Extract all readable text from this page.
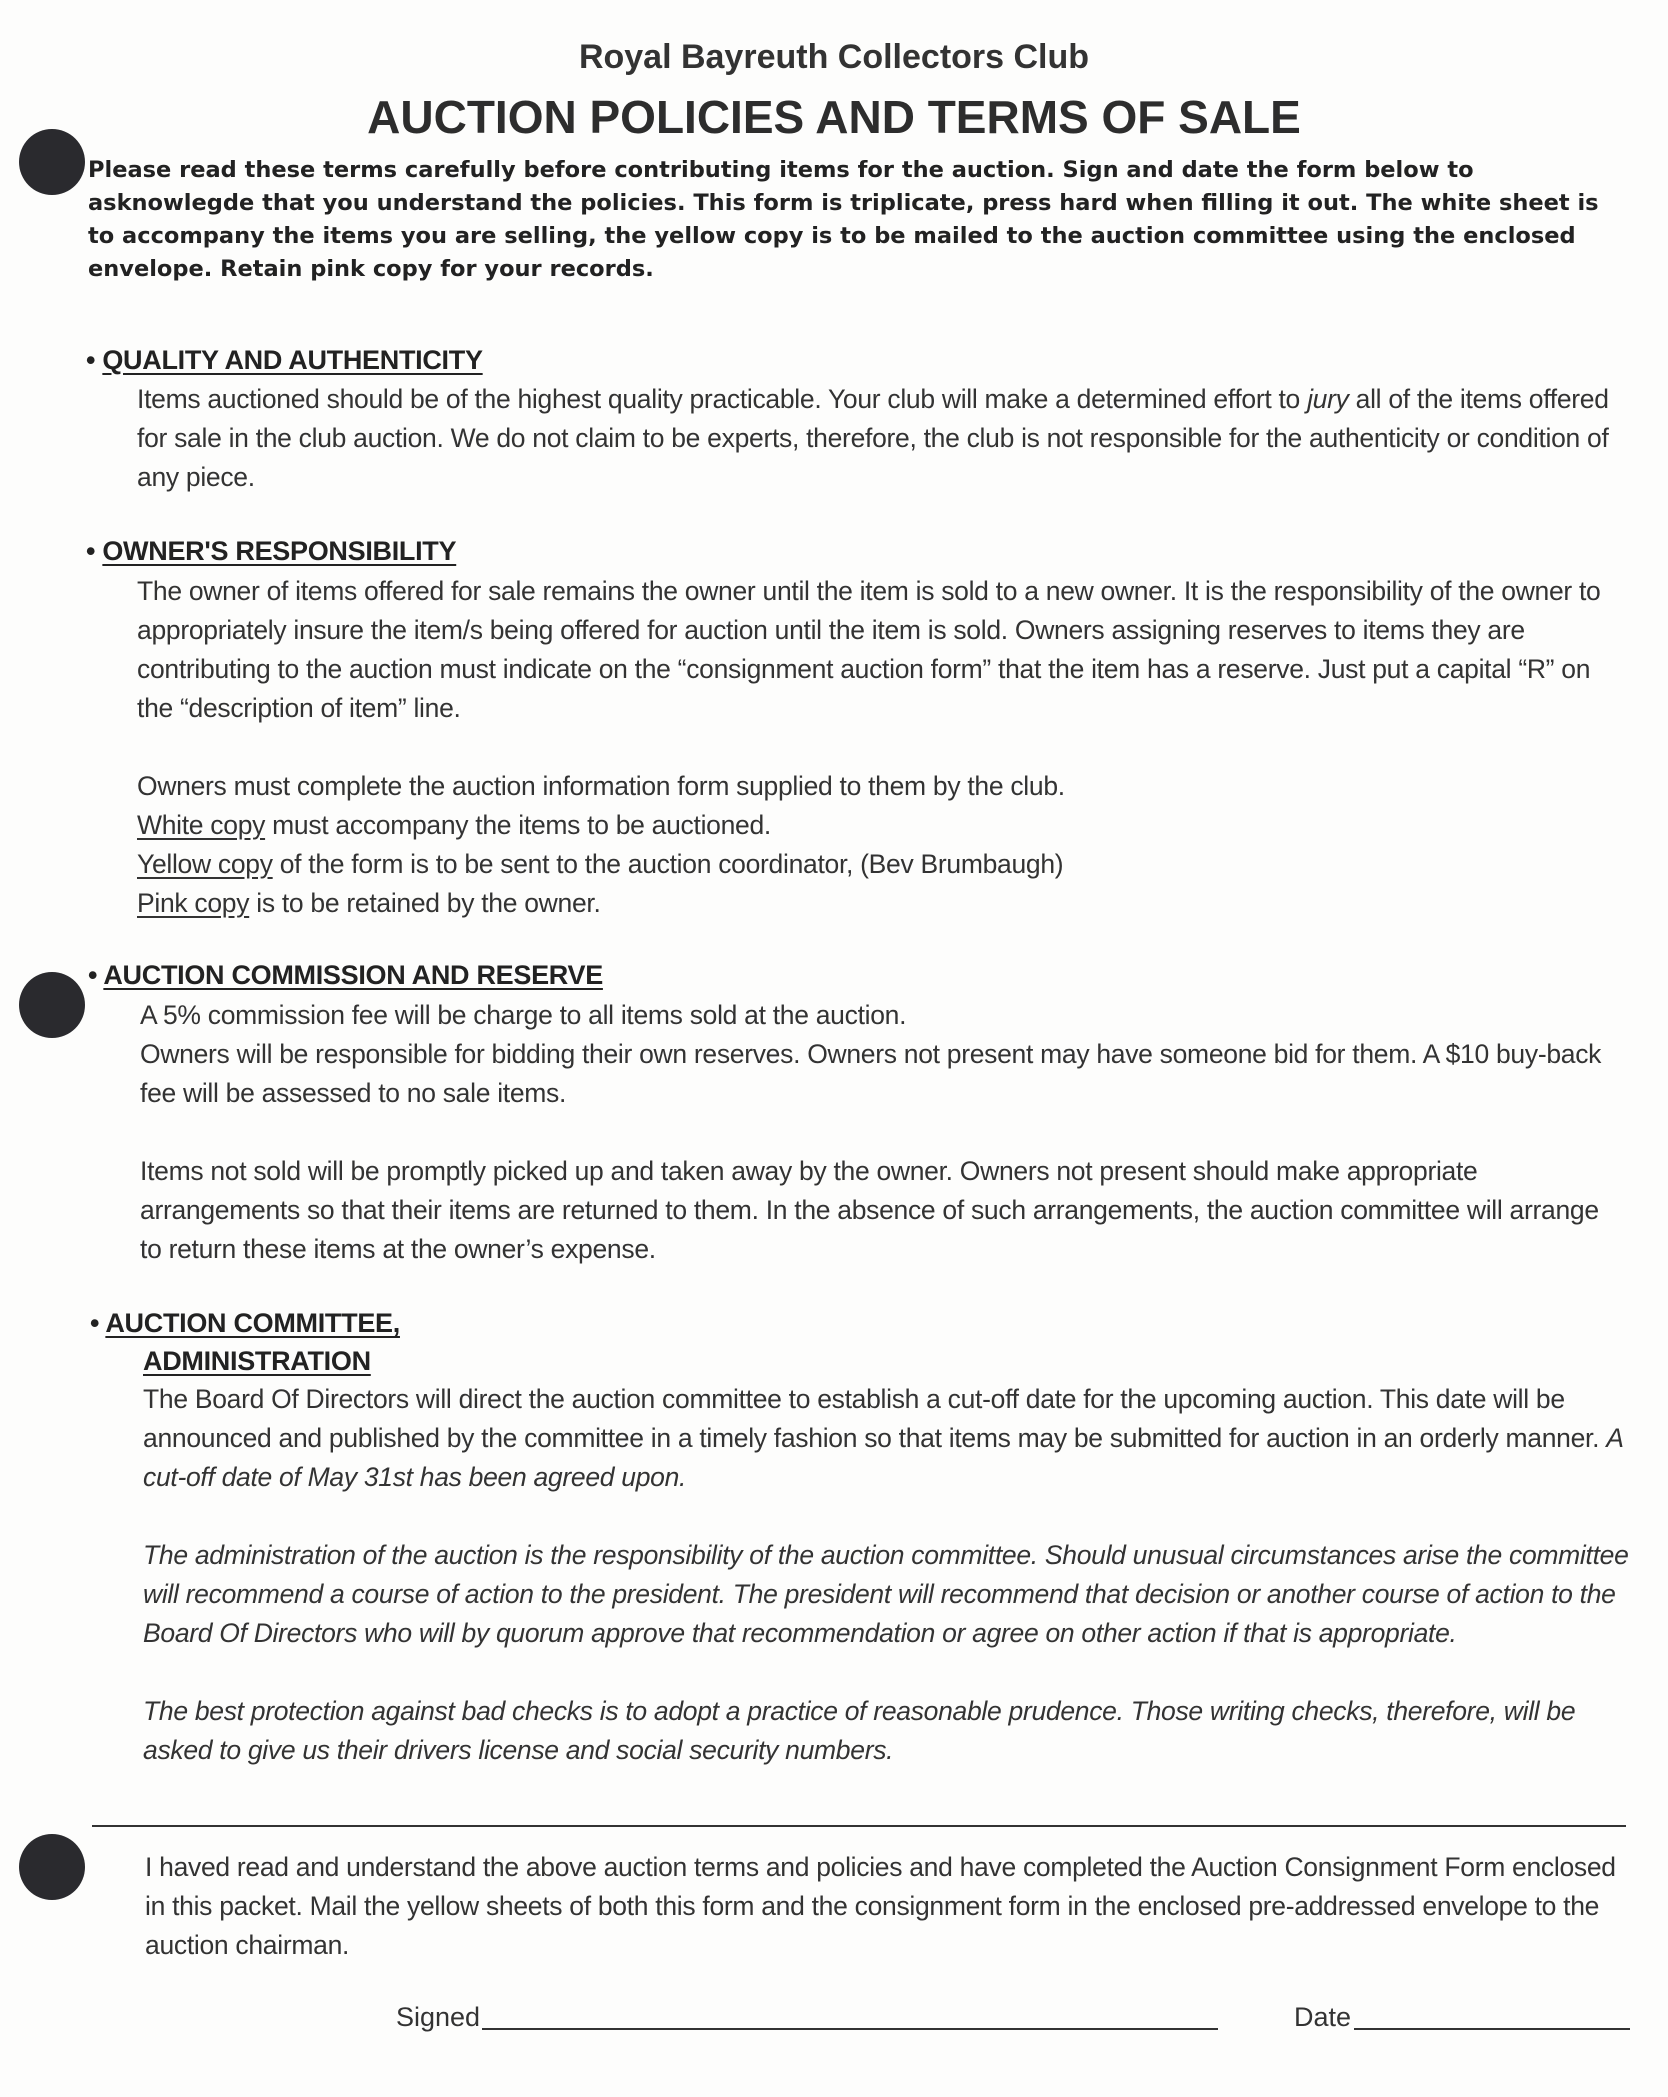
Royal Bayreuth Collectors Club
AUCTION POLICIES AND TERMS OF SALE
Please read these terms carefully before contributing items for the auction. Sign and date the form below to asknowlegde that you understand the policies. This form is triplicate, press hard when filling it out. The white sheet is to accompany the items you are selling, the yellow copy is to be mailed to the auction committee using the enclosed envelope. Retain pink copy for your records.
• QUALITY AND AUTHENTICITY

Items auctioned should be of the highest quality practicable. Your club will make a determined effort to jury all of the items offered for sale in the club auction. We do not claim to be experts, therefore, the club is not responsible for the authenticity or condition of any piece.

• OWNER'S RESPONSIBILITY

The owner of items offered for sale remains the owner until the item is sold to a new owner. It is the responsibility of the owner to appropriately insure the item/s being offered for auction until the item is sold. Owners assigning reserves to items they are contributing to the auction must indicate on the “consignment auction form” that the item has a reserve. Just put a capital “R” on the “description of item” line.

Owners must complete the auction information form supplied to them by the club.

White copy must accompany the items to be auctioned.

Yellow copy of the form is to be sent to the auction coordinator, (Bev Brumbaugh)

Pink copy is to be retained by the owner.

• AUCTION COMMISSION AND RESERVE

A 5% commission fee will be charge to all items sold at the auction.

Owners will be responsible for bidding their own reserves. Owners not present may have someone bid for them. A $10 buy-back fee will be assessed to no sale items.

Items not sold will be promptly picked up and taken away by the owner. Owners not present should make appropriate arrangements so that their items are returned to them. In the absence of such arrangements, the auction committee will arrange to return these items at the owner’s expense.

• AUCTION COMMITTEE,
ADMINISTRATION

The Board Of Directors will direct the auction committee to establish a cut-off date for the upcoming auction. This date will be announced and published by the committee in a timely fashion so that items may be submitted for auction in an orderly manner. A cut-off date of May 31st has been agreed upon.

The administration of the auction is the responsibility of the auction committee. Should unusual circumstances arise the committee will recommend a course of action to the president. The president will recommend that decision or another course of action to the Board Of Directors who will by quorum approve that recommendation or agree on other action if that is appropriate.

The best protection against bad checks is to adopt a practice of reasonable prudence. Those writing checks, therefore, will be asked to give us their drivers license and social security numbers.

I haved read and understand the above auction terms and policies and have completed the Auction Consignment Form enclosed in this packet. Mail the yellow sheets of both this form and the consignment form in the enclosed pre-addressed envelope to the auction chairman.
Signed	Date
